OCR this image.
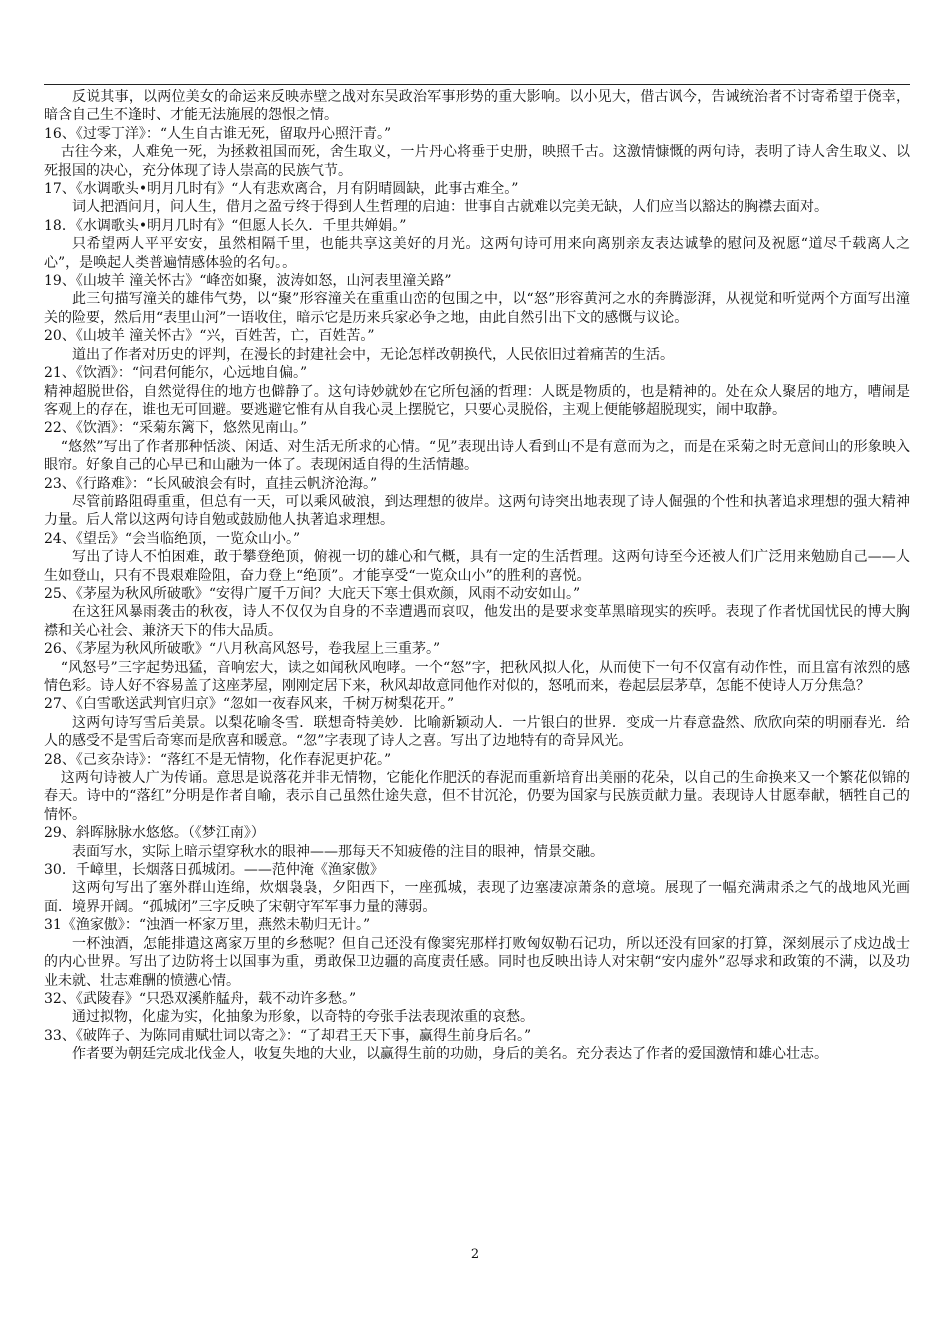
反说其事，以两位美女的命运来反映赤壁之战对东吴政治军事形势的重大影响。以小见大，借古讽今，告诫统治者不讨寄希望于侥幸，暗含自己生不逢时、才能无法施展的怨恨之情。

16、《过零丁洋》：“人生自古谁无死，留取丹心照汗青。”

古往今来，人难免一死，为拯救祖国而死，舍生取义，一片丹心将垂于史册，映照千古。这激情慷慨的两句诗，表明了诗人舍生取义、以死报国的决心，充分体现了诗人崇高的民族气节。

17、《水调歌头•明月几时有》“人有悲欢离合，月有阴晴圆缺，此事古难全。”

词人把酒问月，问人生，借月之盈亏终于得到人生哲理的启迪：世事自古就难以完美无缺，人们应当以豁达的胸襟去面对。

18．《水调歌头•明月几时有》“但愿人长久．千里共婵娟。”

只希望两人平平安安，虽然相隔千里，也能共享这美好的月光。这两句诗可用来向离别亲友表达诚挚的慰问及祝愿“道尽千载离人之心”，是唤起人类普遍情感体验的名句。。

19、《山坡羊 潼关怀古》“峰峦如聚，波涛如怒，山河表里潼关路”

此三句描写潼关的雄伟气势，以“聚”形容潼关在重重山峦的包围之中，以“怒”形容黄河之水的奔腾澎湃，从视觉和听觉两个方面写出潼关的险要，然后用“表里山河”一语收住，暗示它是历来兵家必争之地，由此自然引出下文的感慨与议论。

20、《山坡羊 潼关怀古》“兴，百姓苦，亡，百姓苦。”

道出了作者对历史的评判，在漫长的封建社会中，无论怎样改朝换代，人民依旧过着痛苦的生活。

21、《饮酒》：“问君何能尔，心远地自偏。”

精神超脱世俗，自然觉得住的地方也僻静了。这句诗妙就妙在它所包涵的哲理：人既是物质的，也是精神的。处在众人聚居的地方，嘈闹是客观上的存在，谁也无可回避。要逃避它惟有从自我心灵上摆脱它，只要心灵脱俗，主观上便能够超脱现实，闹中取静。

22、《饮酒》：“采菊东篱下，悠然见南山。”

“悠然”写出了作者那种恬淡、闲适、对生活无所求的心情。“见”表现出诗人看到山不是有意而为之，而是在采菊之时无意间山的形象映入眼帘。好象自己的心早已和山融为一体了。表现闲适自得的生活情趣。

23、《行路难》：“长风破浪会有时，直挂云帆济沧海。”

尽管前路阻碍重重，但总有一天，可以乘风破浪，到达理想的彼岸。这两句诗突出地表现了诗人倔强的个性和执著追求理想的强大精神力量。后人常以这两句诗自勉或鼓励他人执著追求理想。

24、《望岳》“会当临绝顶，一览众山小。”

写出了诗人不怕困难，敢于攀登绝顶，俯视一切的雄心和气概，具有一定的生活哲理。这两句诗至今还被人们广泛用来勉励自己——人生如登山，只有不畏艰难险阻，奋力登上“绝顶”。才能享受“一览众山小”的胜利的喜悦。

25、《茅屋为秋风所破歌》“安得广厦千万间？大庇天下寒士俱欢颜，风雨不动安如山。”

在这狂风暴雨袭击的秋夜，诗人不仅仅为自身的不幸遭遇而哀叹，他发出的是要求变革黑暗现实的疾呼。表现了作者忧国忧民的博大胸襟和关心社会、兼济天下的伟大品质。

26、《茅屋为秋风所破歌》“八月秋高风怒号，卷我屋上三重茅。”

“风怒号”三字起势迅猛，音响宏大，读之如闻秋风咆哮。一个“怒”字，把秋风拟人化，从而使下一句不仅富有动作性，而且富有浓烈的感情色彩。诗人好不容易盖了这座茅屋，刚刚定居下来，秋风却故意同他作对似的，怒吼而来，卷起层层茅草，怎能不使诗人万分焦急？

27、《白雪歌送武判官归京》“忽如一夜春风来，千树万树梨花开。”

这两句诗写雪后美景。以梨花喻冬雪．联想奇特美妙．比喻新颖动人．一片银白的世界．变成一片春意盎然、欣欣向荣的明丽春光．给人的感受不是雪后奇寒而是欣喜和暖意。“忽”字表现了诗人之喜。写出了边地特有的奇异风光。

28、《己亥杂诗》：“落红不是无情物，化作春泥更护花。”

这两句诗被人广为传诵。意思是说落花并非无情物，它能化作肥沃的春泥而重新培育出美丽的花朵，以自己的生命换来又一个繁花似锦的春天。诗中的“落红”分明是作者自喻，表示自己虽然仕途失意，但不甘沉沦，仍要为国家与民族贡献力量。表现诗人甘愿奉献，牺牲自己的情怀。

29、斜晖脉脉水悠悠。（《梦江南》）

表面写水，实际上暗示望穿秋水的眼神——那每天不知疲倦的注目的眼神，情景交融。

30．千嶂里，长烟落日孤城闭。——范仲淹《渔家傲》

这两句写出了塞外群山连绵，炊烟袅袅，夕阳西下，一座孤城，表现了边塞凄凉萧条的意境。展现了一幅充满肃杀之气的战地风光画面．境界开阔。“孤城闭”三字反映了宋朝守军军事力量的薄弱。

31《渔家傲》：“浊酒一杯家万里，燕然未勒归无计。”

一杯浊酒，怎能排遣这离家万里的乡愁呢？但自己还没有像窦宪那样打败匈奴勒石记功，所以还没有回家的打算，深刻展示了戍边战士的内心世界。写出了边防将士以国事为重，勇敢保卫边疆的高度责任感。同时也反映出诗人对宋朝“安内虚外”忍辱求和政策的不满，以及功业未就、壮志难酬的愤懑心情。

32、《武陵春》“只恐双溪舴艋舟，载不动许多愁。”

通过拟物，化虚为实，化抽象为形象，以奇特的夸张手法表现浓重的哀愁。

33、《破阵子、为陈同甫赋壮词以寄之》：“了却君王天下事，赢得生前身后名。”

作者要为朝廷完成北伐金人，收复失地的大业，以赢得生前的功勋，身后的美名。充分表达了作者的爱国激情和雄心壮志。

2
